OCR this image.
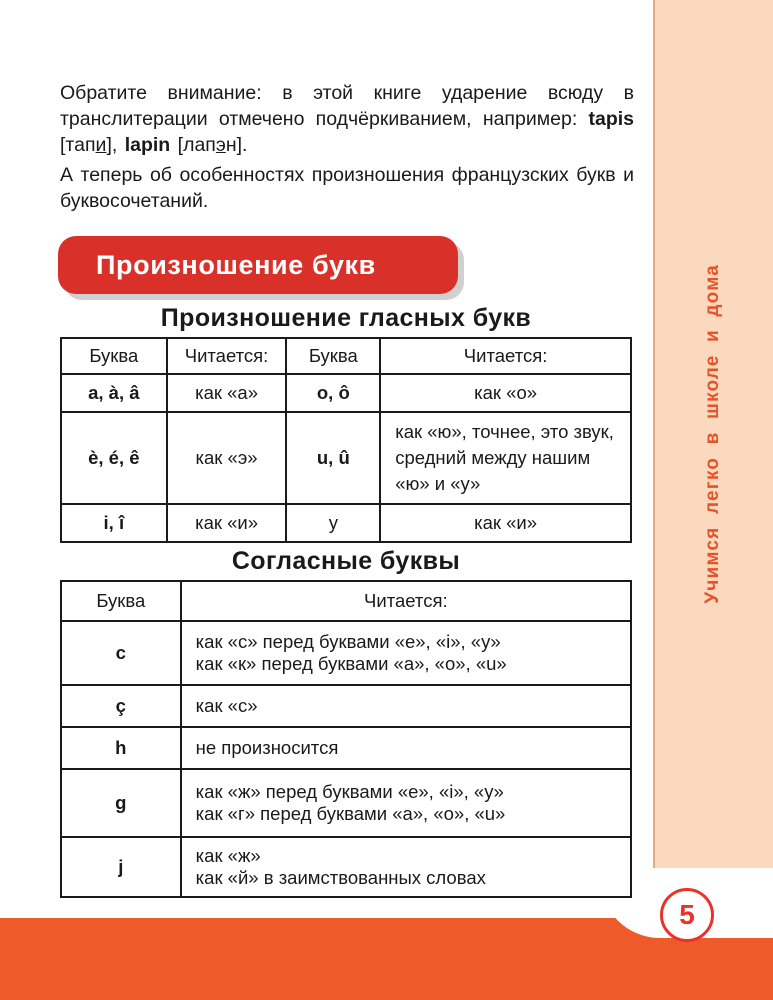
Учимся легко в школе и дома
5

Обратите внимание: в этой книге ударение всюду в транслитерации отмечено подчёркиванием, например: tapis [тапи], lapin [лапэн].

А теперь об особенностях произношения французских букв и буквосочетаний.

Произношение букв
Произношение гласных букв
Буква	Читается:	Буква	Читается:
a, à, â	как «а»	o, ô	как «о»
è, é, ê	как «э»	u, û	как «ю», точнее, это звук, средний между нашим «ю» и «у»
i, î	как «и»	y	как «и»
Согласные буквы
Буква	Читается:
c	как «с» перед буквами «e», «i», «y»
как «к» перед буквами «a», «o», «u»

ç	как «с»
h	не произносится
g	как «ж» перед буквами «e», «i», «y»
как «г» перед буквами «a», «o», «u»

j	как «ж»
как «й» в заимствованных словах
